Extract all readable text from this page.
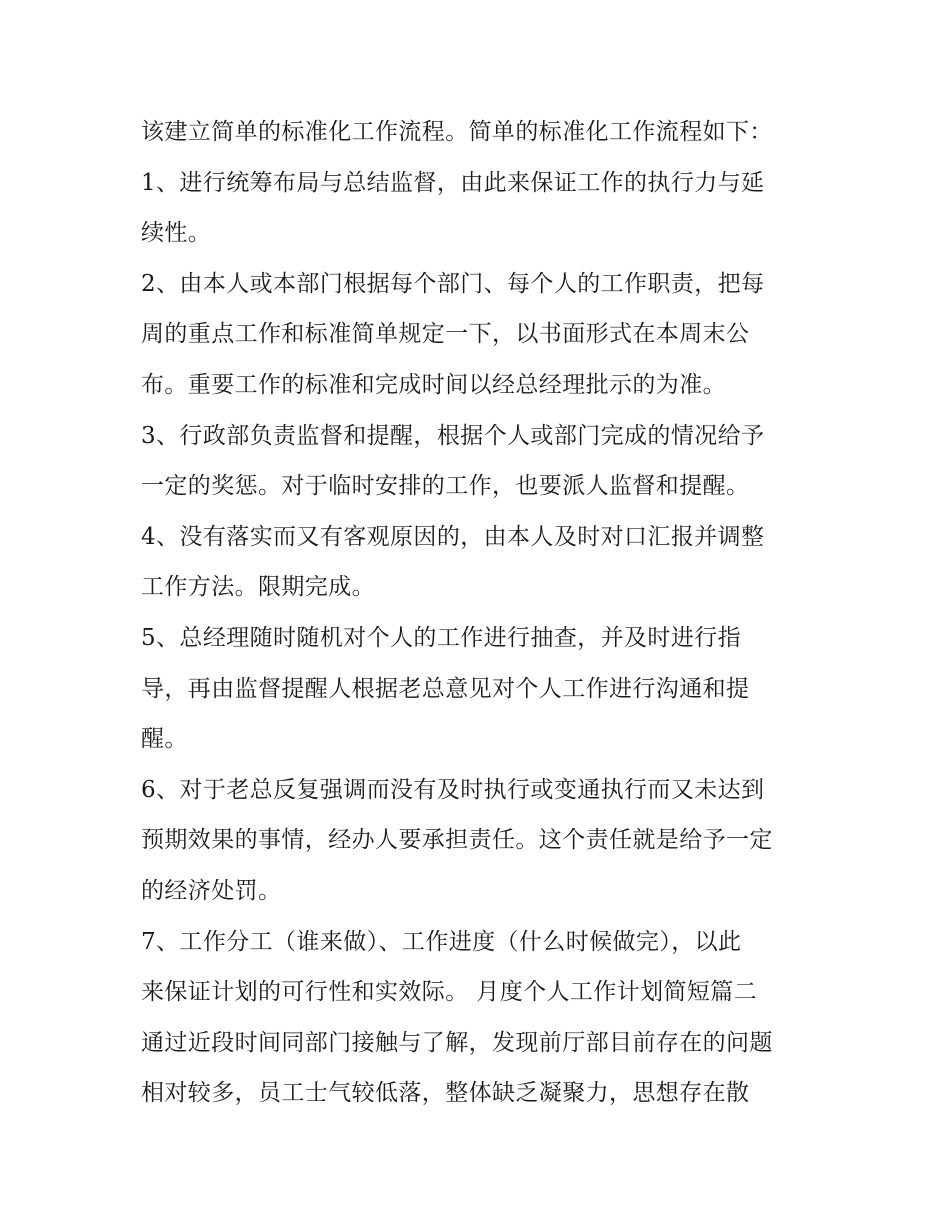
该建立简单的标准化工作流程。简单的标准化工作流程如下：
1、进行统筹布局与总结监督，由此来保证工作的执行力与延
续性。
2、由本人或本部门根据每个部门、每个人的工作职责，把每
周的重点工作和标准简单规定一下，以书面形式在本周末公
布。重要工作的标准和完成时间以经总经理批示的为准。
3、行政部负责监督和提醒，根据个人或部门完成的情况给予
一定的奖惩。对于临时安排的工作，也要派人监督和提醒。
4、没有落实而又有客观原因的，由本人及时对口汇报并调整
工作方法。限期完成。
5、总经理随时随机对个人的工作进行抽查，并及时进行指
导，再由监督提醒人根据老总意见对个人工作进行沟通和提
醒。
6、对于老总反复强调而没有及时执行或变通执行而又未达到
预期效果的事情，经办人要承担责任。这个责任就是给予一定
的经济处罚。
7、工作分工（谁来做）、工作进度（什么时候做完），以此
来保证计划的可行性和实效际。 月度个人工作计划简短篇二
通过近段时间同部门接触与了解，发现前厅部目前存在的问题
相对较多，员工士气较低落，整体缺乏凝聚力，思想存在散
